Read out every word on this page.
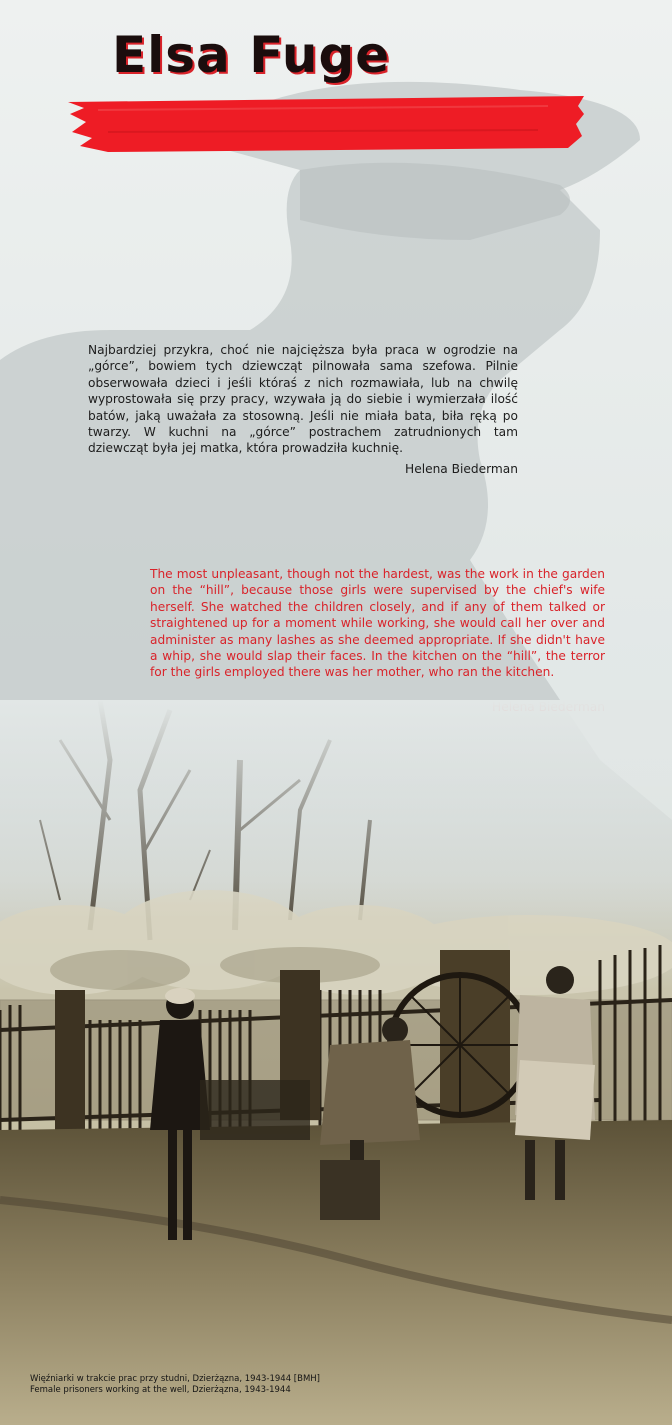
Elsa Fuge
Najbardziej przykra, choć nie najcięższa była praca w ogrodzie na „górce”, bowiem tych dziewcząt pilnowała sama szefowa. Pilnie obserwowała dzieci i jeśli któraś z nich rozmawiała, lub na chwilę wyprostowała się przy pracy, wzywała ją do siebie i wymierzała ilość batów, jaką uważała za stosowną. Jeśli nie miała bata, biła ręką po twarzy. W kuchni na „górce” postrachem zatrudnionych tam dziewcząt była jej matka, która prowadziła kuchnię.
Helena Biederman
The most unpleasant, though not the hardest, was the work in the garden on the “hill”, because those girls were supervised by the chief's wife herself. She watched the children closely, and if any of them talked or straightened up for a moment while working, she would call her over and administer as many lashes as she deemed appropriate. If she didn't have a whip, she would slap their faces. In the kitchen on the “hill”, the terror for the girls employed there was her mother, who ran the kitchen.
Więźniarki w trakcie prac przy studni, Dzierżązna, 1943-1944 [BMH]
Female prisoners working at the well, Dzierżązna, 1943-1944
